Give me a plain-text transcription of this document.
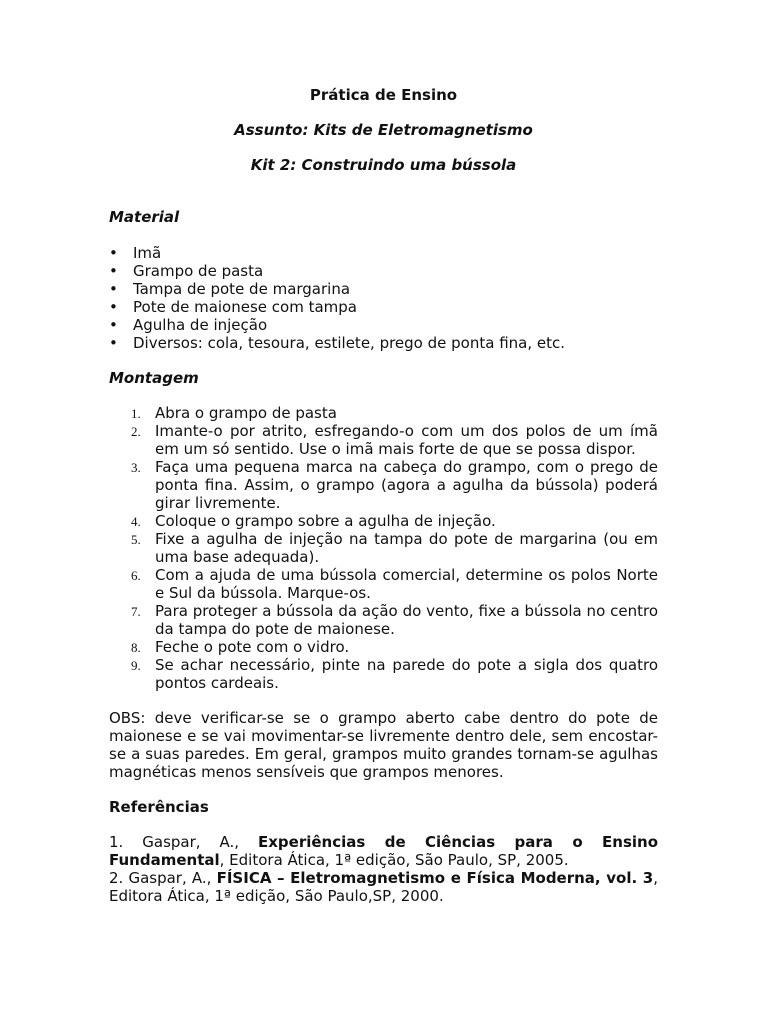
Prática de Ensino

Assunto: Kits de Eletromagnetismo

Kit 2: Construindo uma bússola

Material

• Imã
• Grampo de pasta
• Tampa de pote de margarina
• Pote de maionese com tampa
• Agulha de injeção
• Diversos: cola, tesoura, estilete, prego de ponta fina, etc.

Montagem

1. Abra o grampo de pasta
2. Imante-o por atrito, esfregando-o com um dos polos de um ímã em um só sentido. Use o imã mais forte de que se possa dispor.
3. Faça uma pequena marca na cabeça do grampo, com o prego de ponta fina. Assim, o grampo (agora a agulha da bússola) poderá girar livremente.
4. Coloque o grampo sobre a agulha de injeção.
5. Fixe a agulha de injeção na tampa do pote de margarina (ou em uma base adequada).
6. Com a ajuda de uma bússola comercial, determine os polos Norte e Sul da bússola. Marque-os.
7. Para proteger a bússola da ação do vento, fixe a bússola no centro da tampa do pote de maionese.
8. Feche o pote com o vidro.
9. Se achar necessário, pinte na parede do pote a sigla dos quatro pontos cardeais.

OBS: deve verificar-se se o grampo aberto cabe dentro do pote de maionese e se vai movimentar-se livremente dentro dele, sem encostar-se a suas paredes. Em geral, grampos muito grandes tornam-se agulhas magnéticas menos sensíveis que grampos menores.

Referências

1. Gaspar, A., Experiências de Ciências para o Ensino Fundamental, Editora Ática, 1ª edição, São Paulo, SP, 2005.

2. Gaspar, A., FÍSICA – Eletromagnetismo e Física Moderna, vol. 3, Editora Ática, 1ª edição, São Paulo,SP, 2000.
